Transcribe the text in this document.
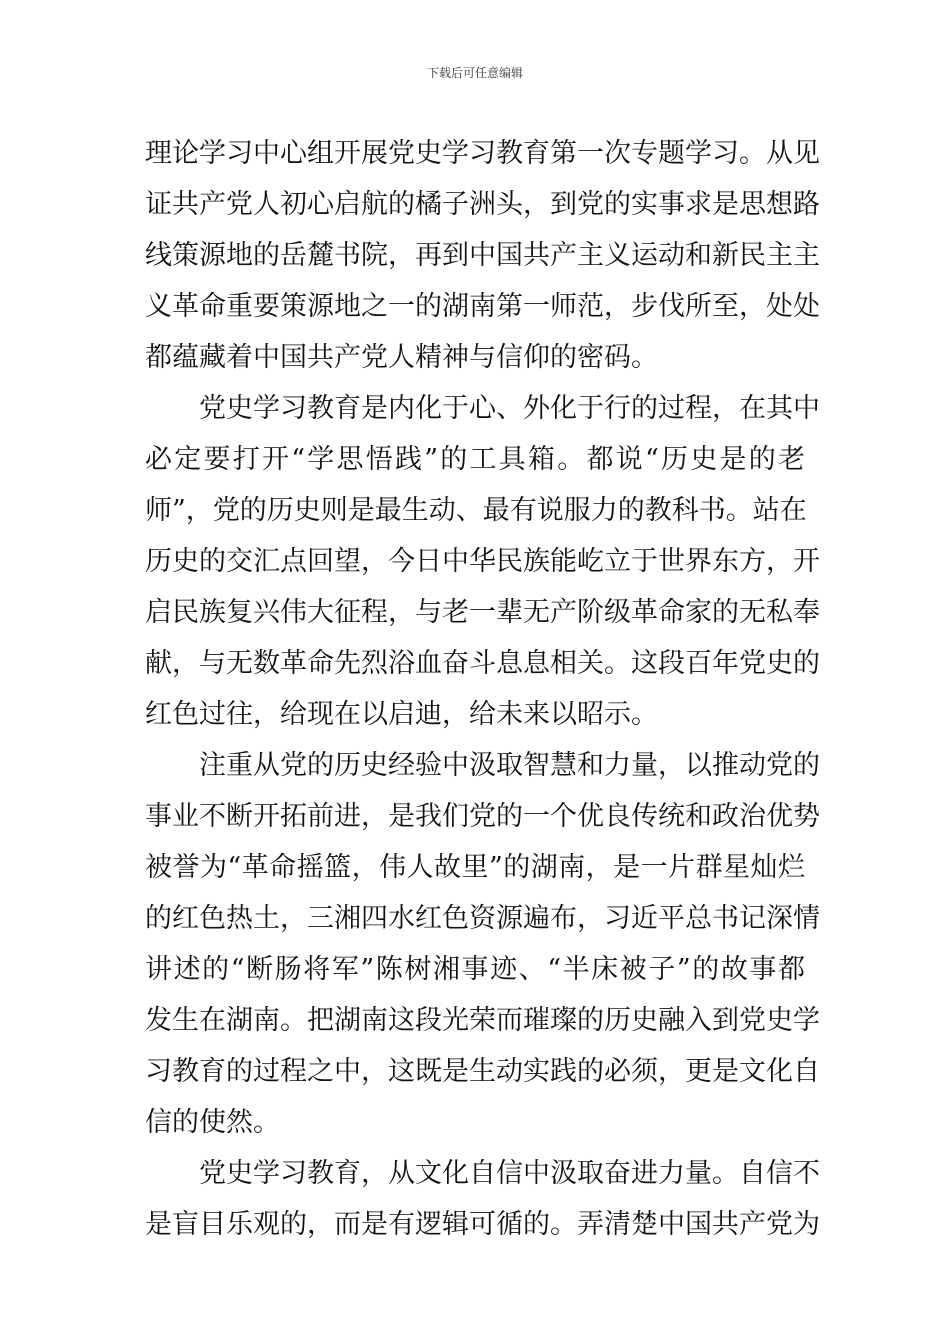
下载后可任意编辑
理论学习中心组开展党史学习教育第一次专题学习。从见
证共产党人初心启航的橘子洲头，到党的实事求是思想路
线策源地的岳麓书院，再到中国共产主义运动和新民主主
义革命重要策源地之一的湖南第一师范，步伐所至，处处
都蕴藏着中国共产党人精神与信仰的密码。
党史学习教育是内化于心、外化于行的过程，在其中
必定要打开“学思悟践”的工具箱。都说“历史是的老
师”，党的历史则是最生动、最有说服力的教科书。站在
历史的交汇点回望，今日中华民族能屹立于世界东方，开
启民族复兴伟大征程，与老一辈无产阶级革命家的无私奉
献，与无数革命先烈浴血奋斗息息相关。这段百年党史的
红色过往，给现在以启迪，给未来以昭示。
注重从党的历史经验中汲取智慧和力量，以推动党的
事业不断开拓前进，是我们党的一个优良传统和政治优势
被誉为“革命摇篮，伟人故里”的湖南，是一片群星灿烂
的红色热土，三湘四水红色资源遍布，习近平总书记深情
讲述的“断肠将军”陈树湘事迹、“半床被子”的故事都
发生在湖南。把湖南这段光荣而璀璨的历史融入到党史学
习教育的过程之中，这既是生动实践的必须，更是文化自
信的使然。
党史学习教育，从文化自信中汲取奋进力量。自信不
是盲目乐观的，而是有逻辑可循的。弄清楚中国共产党为
